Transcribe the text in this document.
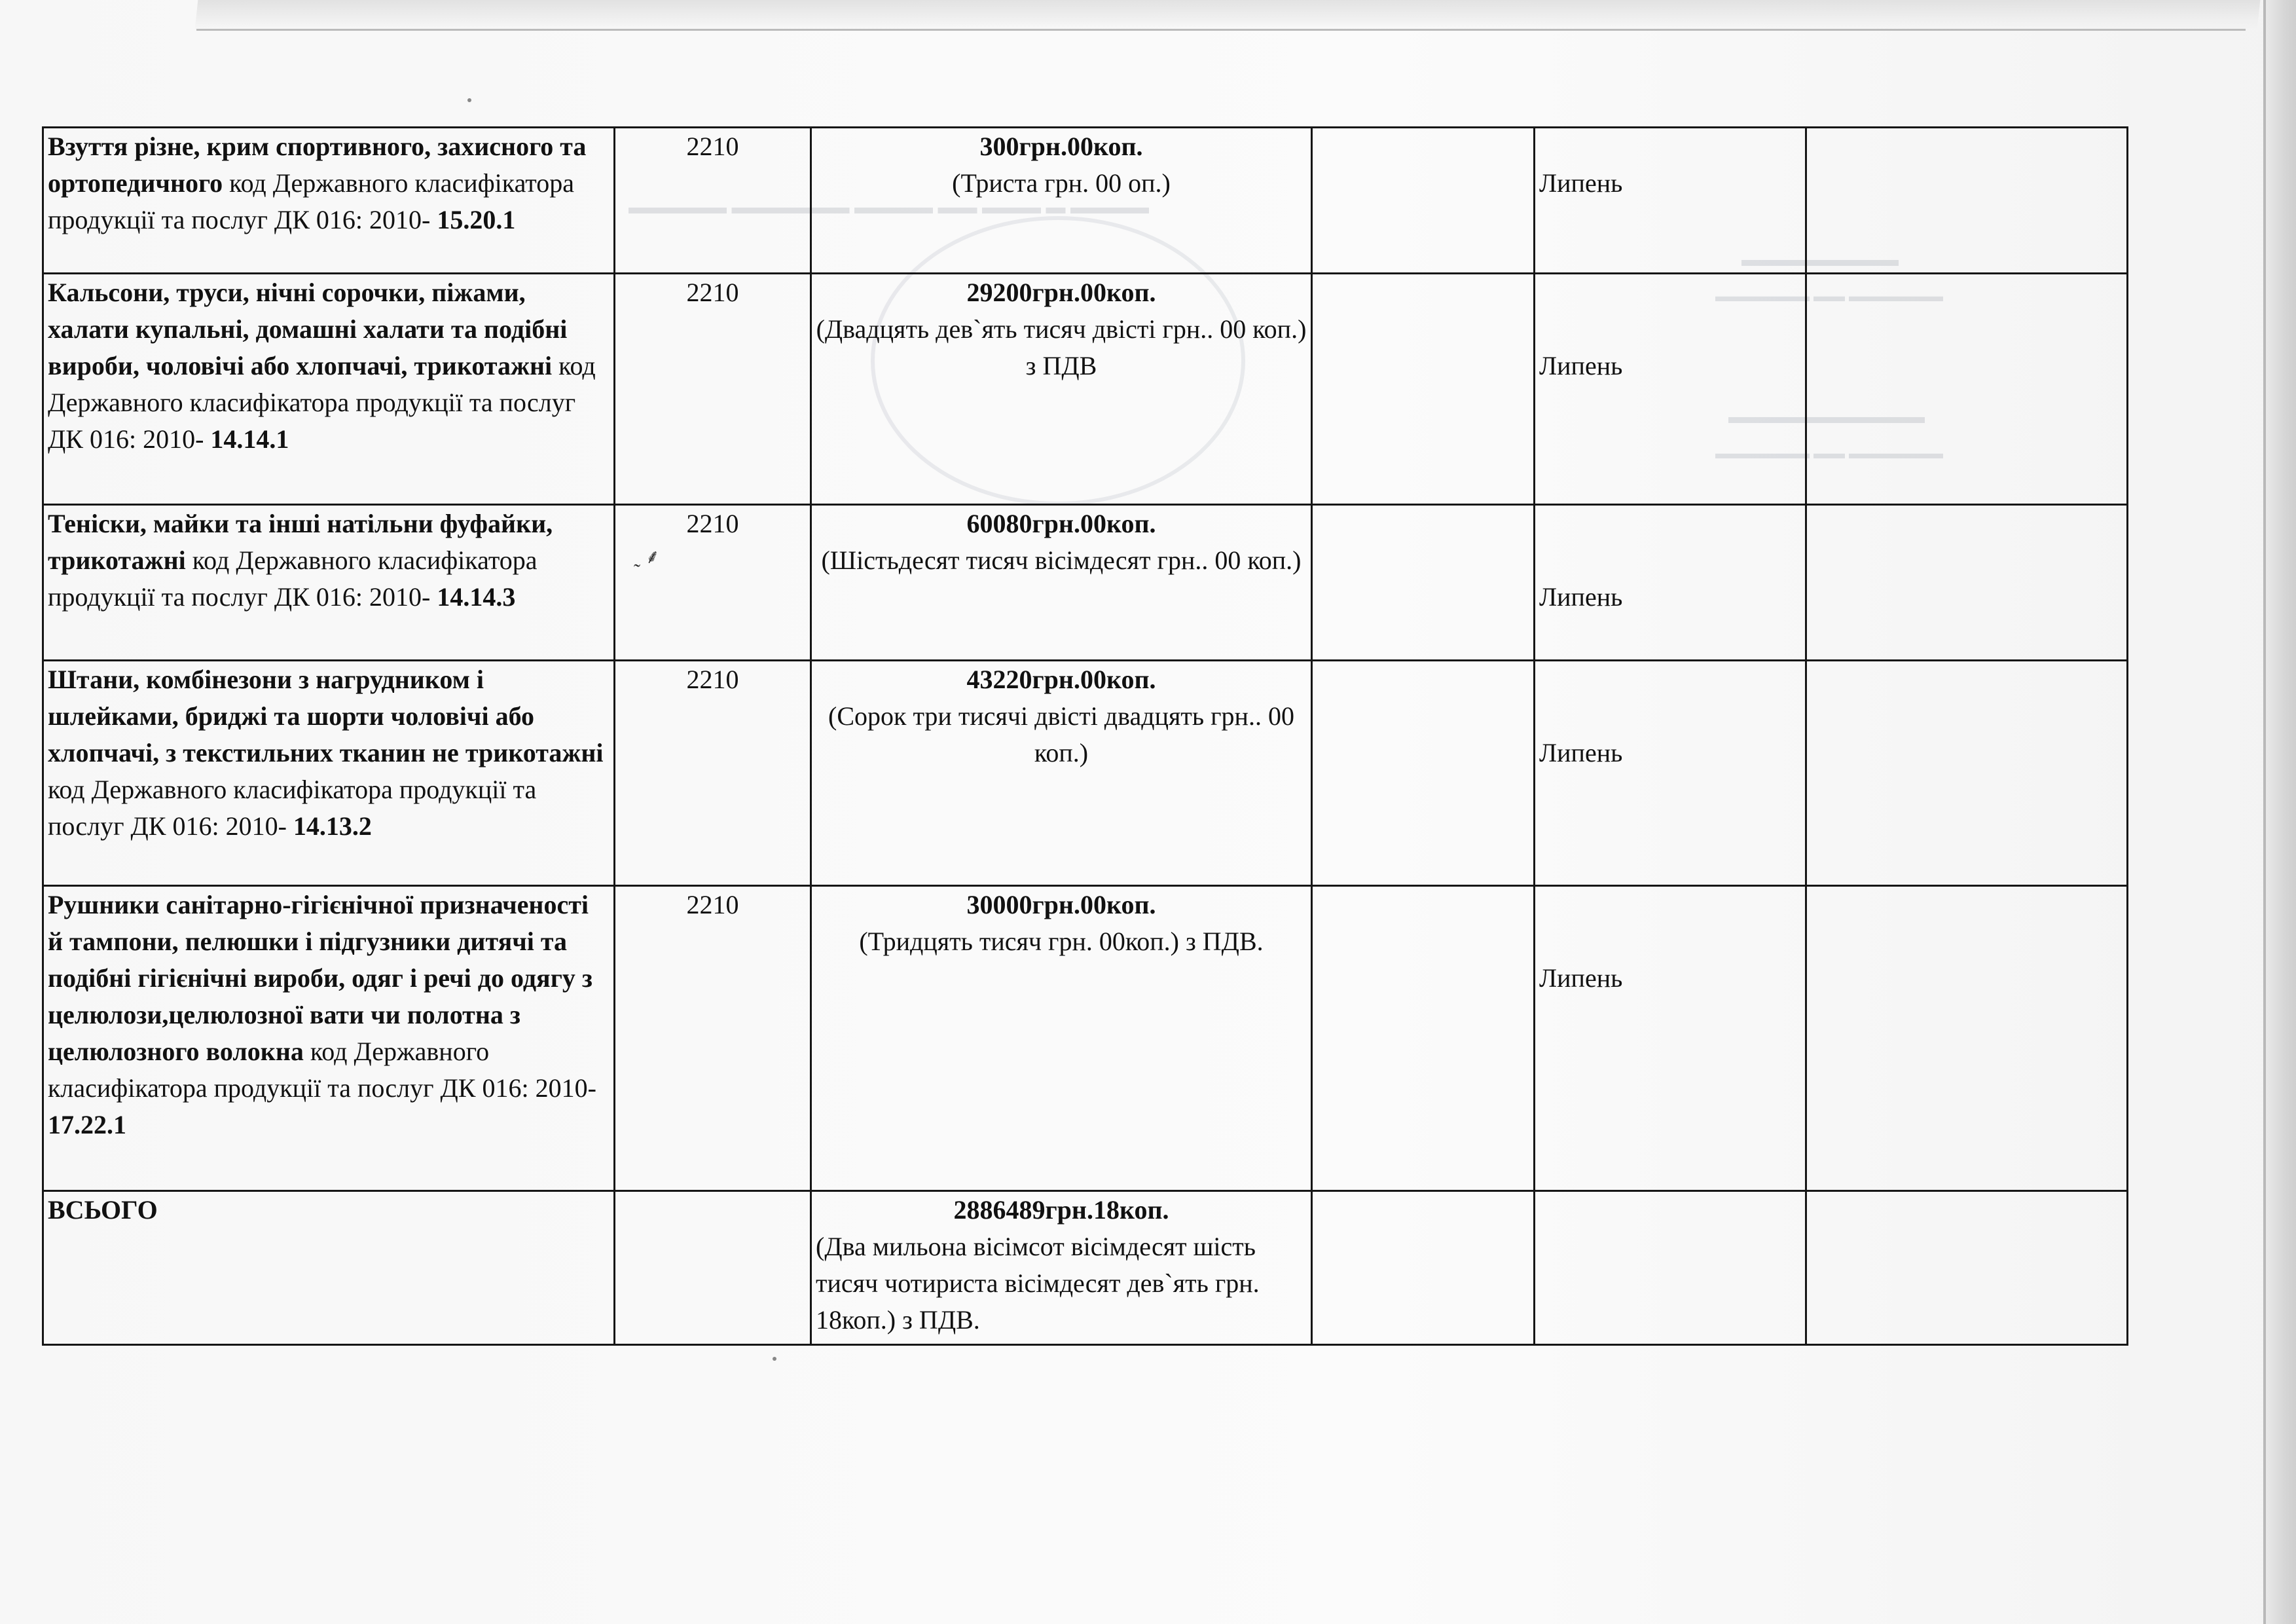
▬▬▬▬▬ ▬▬▬▬▬▬ ▬▬▬▬ ▬▬ ▬▬▬ ▬ ▬▬▬▬
▬▬▬▬▬▬▬▬
▬▬▬▬▬▬ ▬▬ ▬▬▬▬▬▬
▬▬▬▬▬▬▬▬▬▬
▬▬▬▬▬▬ ▬▬ ▬▬▬▬▬▬
˷ ⸙
Взуття різне, крим спортивного, захисного та ортопедичного код Державного класифікатора продукції та послуг ДК 016: 2010- 15.20.1	2210	300грн.00коп.
(Триста грн. 00 оп.)		Липень	

Кальсони, труси, нічні сорочки, піжами, халати купальні, домашні халати та подібні вироби, чоловічі або хлопчачі, трикотажні код Державного класифікатора продукції та послуг ДК 016: 2010- 14.14.1	2210	29200грн.00коп.
(Двадцять дев`ять тисяч двісті грн.. 00 коп.) з ПДВ		Липень	

Теніски, майки та інші натільни фуфайки, трикотажні код Державного класифікатора продукції та послуг ДК 016: 2010- 14.14.3	2210	60080грн.00коп.
(Шістьдесят тисяч вісімдесят грн.. 00 коп.)		Липень	

Штани, комбінезони з нагрудником і шлейками, бриджі та шорти чоловічі або хлопчачі, з текстильних тканин не трикотажні код Державного класифікатора продукції та послуг ДК 016: 2010- 14.13.2	2210	43220грн.00коп.
(Сорок три тисячі двісті двадцять грн.. 00 коп.)		Липень	

Рушники санітарно-гігієнічної призначеності й тампони, пелюшки і підгузники дитячі та подібні гігієнічні вироби, одяг і речі до одягу з целюлози,целюлозної вати чи полотна з целюлозного волокна код Державного класифікатора продукції та послуг ДК 016: 2010- 17.22.1	2210	30000грн.00коп.
(Тридцять тисяч грн. 00коп.) з ПДВ.		Липень	

ВСЬОГО		2886489грн.18коп.
(Два мильона вісімсот вісімдесят шість тисяч чотириста вісімдесят дев`ять грн. 18коп.) з ПДВ.			
